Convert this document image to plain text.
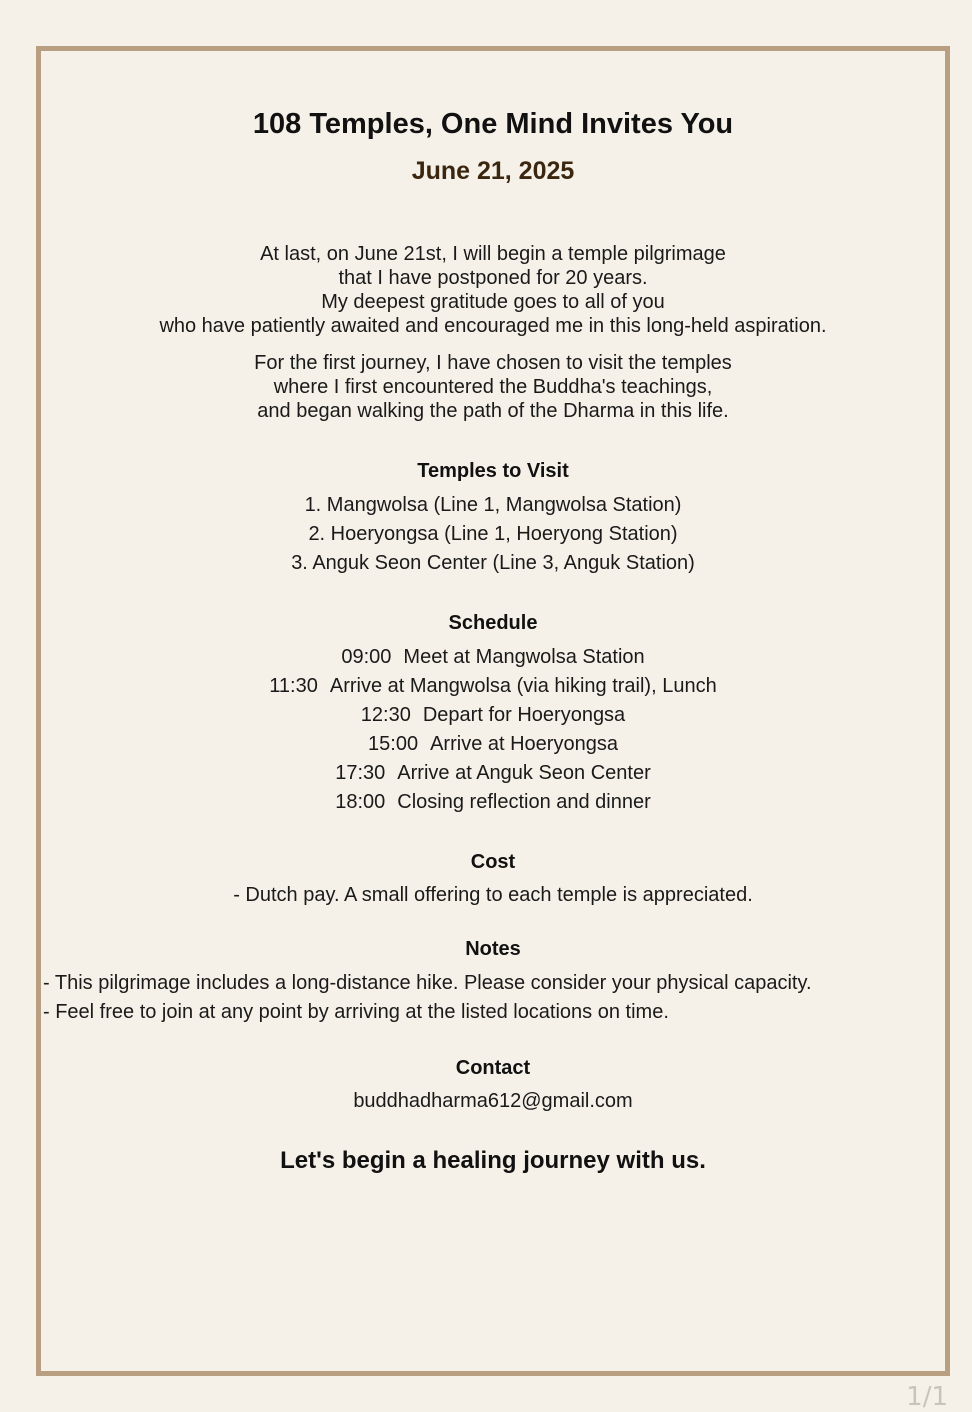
108 Temples, One Mind Invites You
June 21, 2025
At last, on June 21st, I will begin a temple pilgrimage
that I have postponed for 20 years.
My deepest gratitude goes to all of you
who have patiently awaited and encouraged me in this long-held aspiration.
For the first journey, I have chosen to visit the temples
where I first encountered the Buddha's teachings,
and began walking the path of the Dharma in this life.
Temples to Visit
1. Mangwolsa (Line 1, Mangwolsa Station)
2. Hoeryongsa (Line 1, Hoeryong Station)
3. Anguk Seon Center (Line 3, Anguk Station)
Schedule
09:00 Meet at Mangwolsa Station
11:30 Arrive at Mangwolsa (via hiking trail), Lunch
12:30 Depart for Hoeryongsa
15:00 Arrive at Hoeryongsa
17:30 Arrive at Anguk Seon Center
18:00 Closing reflection and dinner
Cost
- Dutch pay. A small offering to each temple is appreciated.
Notes
- This pilgrimage includes a long-distance hike. Please consider your physical capacity.
- Feel free to join at any point by arriving at the listed locations on time.
Contact
buddhadharma612@gmail.com
Let's begin a healing journey with us.
1/1
